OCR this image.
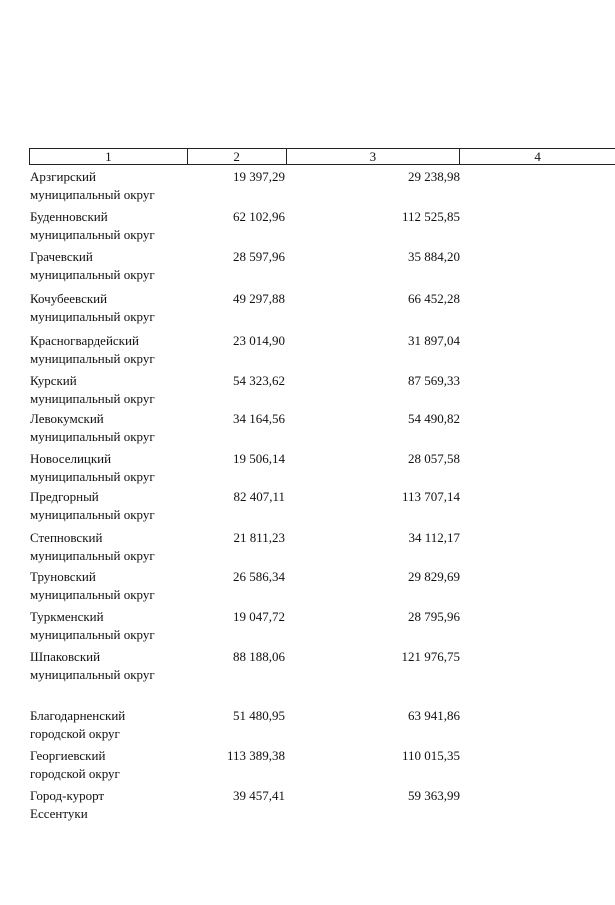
1	2	3	4
Арзгирский
муниципальный округ
19 397,29	29 238,98
Буденновский
муниципальный округ
62 102,96	112 525,85
Грачевский
муниципальный округ
28 597,96	35 884,20
Кочубеевский
муниципальный округ
49 297,88	66 452,28
Красногвардейский
муниципальный округ
23 014,90	31 897,04
Курский
муниципальный округ
54 323,62	87 569,33
Левокумский
муниципальный округ
34 164,56	54 490,82
Новоселицкий
муниципальный округ
19 506,14	28 057,58
Предгорный
муниципальный округ
82 407,11	113 707,14
Степновский
муниципальный округ
21 811,23	34 112,17
Труновский
муниципальный округ
26 586,34	29 829,69
Туркменский
муниципальный округ
19 047,72	28 795,96
Шпаковский
муниципальный округ
88 188,06	121 976,75
Благодарненский
городской округ
51 480,95	63 941,86
Георгиевский
городской округ
113 389,38	110 015,35
Город-курорт
Ессентуки
39 457,41	59 363,99
